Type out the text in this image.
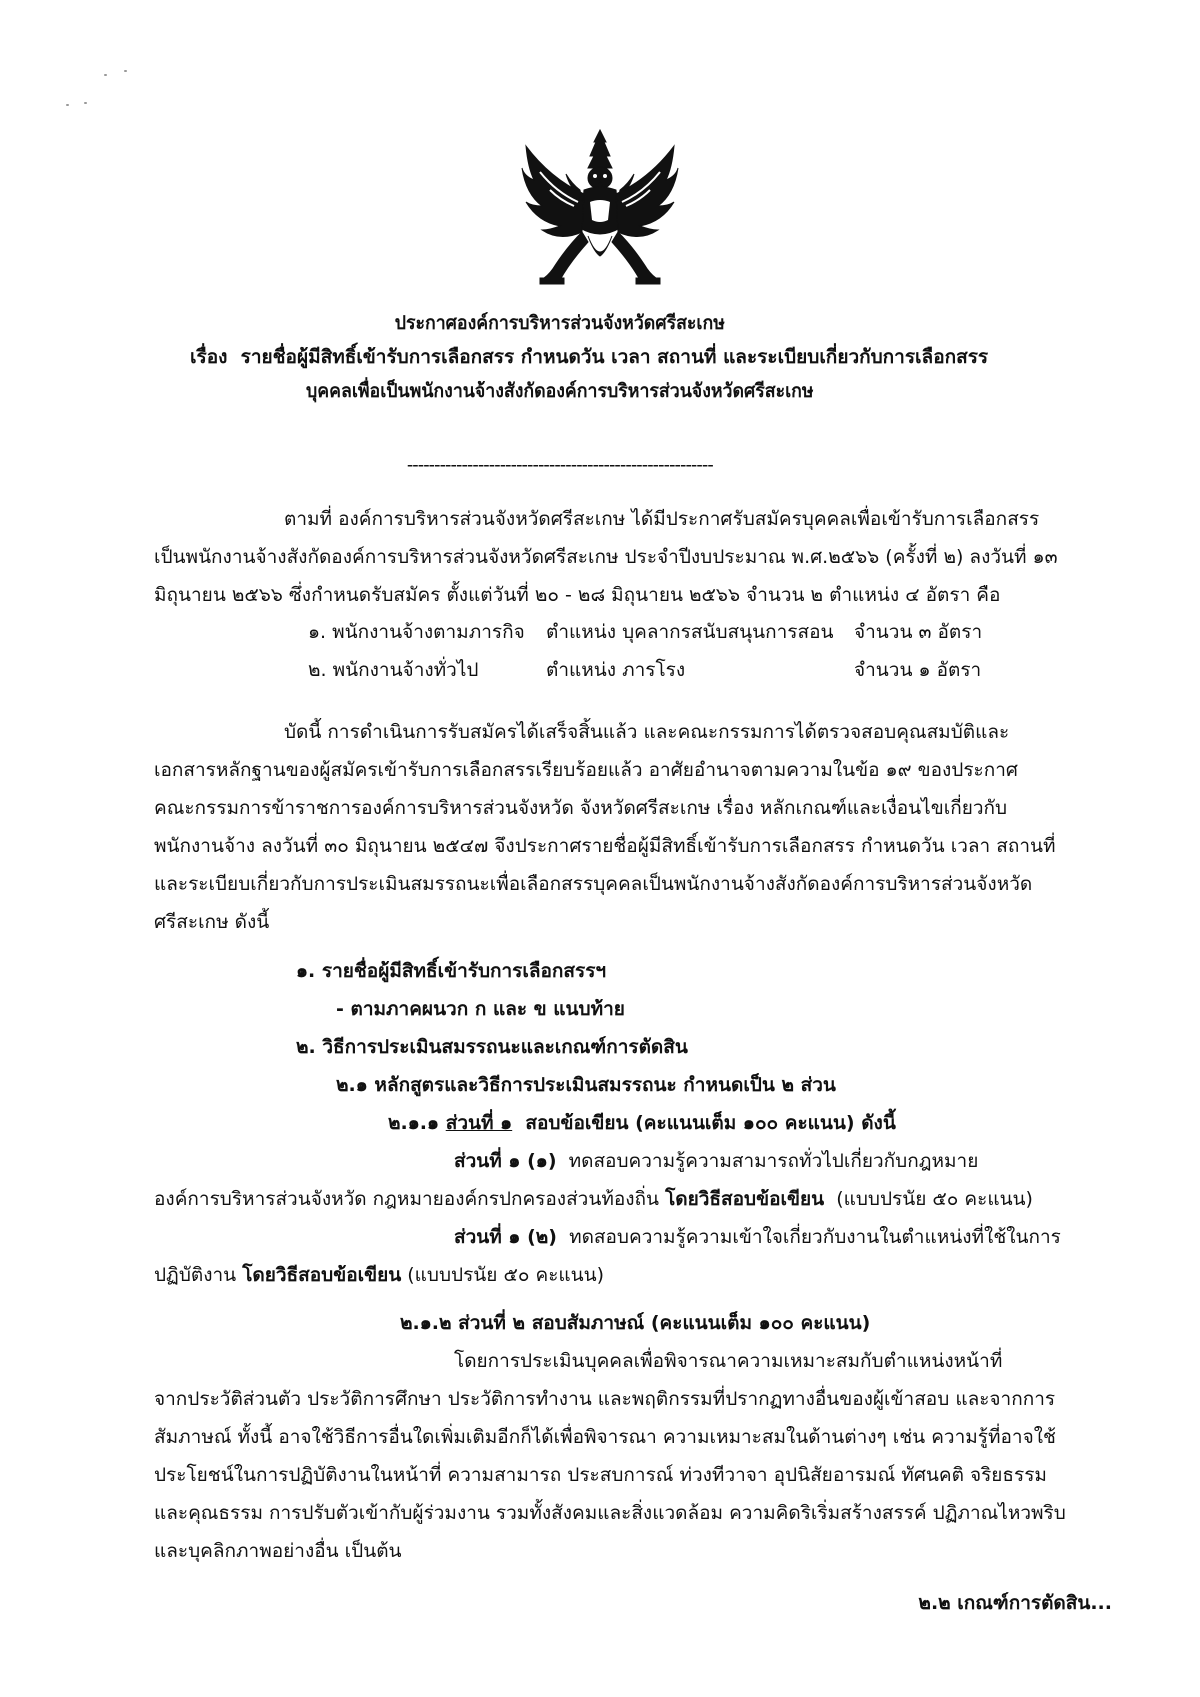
ประกาศองค์การบริหารส่วนจังหวัดศรีสะเกษ
เรื่อง รายชื่อผู้มีสิทธิ์เข้ารับการเลือกสรร กำหนดวัน เวลา สถานที่ และระเบียบเกี่ยวกับการเลือกสรร
บุคคลเพื่อเป็นพนักงานจ้างสังกัดองค์การบริหารส่วนจังหวัดศรีสะเกษ
--------------------------------------------------------
ตามที่ องค์การบริหารส่วนจังหวัดศรีสะเกษ ได้มีประกาศรับสมัครบุคคลเพื่อเข้ารับการเลือกสรร
เป็นพนักงานจ้างสังกัดองค์การบริหารส่วนจังหวัดศรีสะเกษ ประจำปีงบประมาณ พ.ศ.๒๕๖๖ (ครั้งที่ ๒) ลงวันที่ ๑๓
มิถุนายน ๒๕๖๖ ซึ่งกำหนดรับสมัคร ตั้งแต่วันที่ ๒๐ - ๒๘ มิถุนายน ๒๕๖๖ จำนวน ๒ ตำแหน่ง ๔ อัตรา คือ
๑. พนักงานจ้างตามภารกิจ ตำแหน่ง บุคลากรสนับสนุนการสอน จำนวน ๓ อัตรา
๒. พนักงานจ้างทั่วไป	ตำแหน่ง ภารโรง	จำนวน ๑ อัตรา
บัดนี้ การดำเนินการรับสมัครได้เสร็จสิ้นแล้ว และคณะกรรมการได้ตรวจสอบคุณสมบัติและ
เอกสารหลักฐานของผู้สมัครเข้ารับการเลือกสรรเรียบร้อยแล้ว อาศัยอำนาจตามความในข้อ ๑๙ ของประกาศ
คณะกรรมการข้าราชการองค์การบริหารส่วนจังหวัด จังหวัดศรีสะเกษ เรื่อง หลักเกณฑ์และเงื่อนไขเกี่ยวกับ
พนักงานจ้าง ลงวันที่ ๓๐ มิถุนายน ๒๕๔๗ จึงประกาศรายชื่อผู้มีสิทธิ์เข้ารับการเลือกสรร กำหนดวัน เวลา สถานที่
และระเบียบเกี่ยวกับการประเมินสมรรถนะเพื่อเลือกสรรบุคคลเป็นพนักงานจ้างสังกัดองค์การบริหารส่วนจังหวัด
ศรีสะเกษ ดังนี้
๑. รายชื่อผู้มีสิทธิ์เข้ารับการเลือกสรรฯ
- ตามภาคผนวก ก และ ข แนบท้าย
๒. วิธีการประเมินสมรรถนะและเกณฑ์การตัดสิน
๒.๑ หลักสูตรและวิธีการประเมินสมรรถนะ กำหนดเป็น ๒ ส่วน
๒.๑.๑ ส่วนที่ ๑ สอบข้อเขียน (คะแนนเต็ม ๑๐๐ คะแนน) ดังนี้
ส่วนที่ ๑ (๑) ทดสอบความรู้ความสามารถทั่วไปเกี่ยวกับกฎหมาย
องค์การบริหารส่วนจังหวัด กฎหมายองค์กรปกครองส่วนท้องถิ่น โดยวิธีสอบข้อเขียน (แบบปรนัย ๕๐ คะแนน)
ส่วนที่ ๑ (๒) ทดสอบความรู้ความเข้าใจเกี่ยวกับงานในตำแหน่งที่ใช้ในการ
ปฏิบัติงาน โดยวิธีสอบข้อเขียน (แบบปรนัย ๕๐ คะแนน)
๒.๑.๒ ส่วนที่ ๒ สอบสัมภาษณ์ (คะแนนเต็ม ๑๐๐ คะแนน)
โดยการประเมินบุคคลเพื่อพิจารณาความเหมาะสมกับตำแหน่งหน้าที่
จากประวัติส่วนตัว ประวัติการศึกษา ประวัติการทำงาน และพฤติกรรมที่ปรากฏทางอื่นของผู้เข้าสอบ และจากการ
สัมภาษณ์ ทั้งนี้ อาจใช้วิธีการอื่นใดเพิ่มเติมอีกก็ได้เพื่อพิจารณา ความเหมาะสมในด้านต่างๆ เช่น ความรู้ที่อาจใช้
ประโยชน์ในการปฏิบัติงานในหน้าที่ ความสามารถ ประสบการณ์ ท่วงทีวาจา อุปนิสัยอารมณ์ ทัศนคติ จริยธรรม
และคุณธรรม การปรับตัวเข้ากับผู้ร่วมงาน รวมทั้งสังคมและสิ่งแวดล้อม ความคิดริเริ่มสร้างสรรค์ ปฏิภาณไหวพริบ
และบุคลิกภาพอย่างอื่น เป็นต้น
๒.๒ เกณฑ์การตัดสิน...
